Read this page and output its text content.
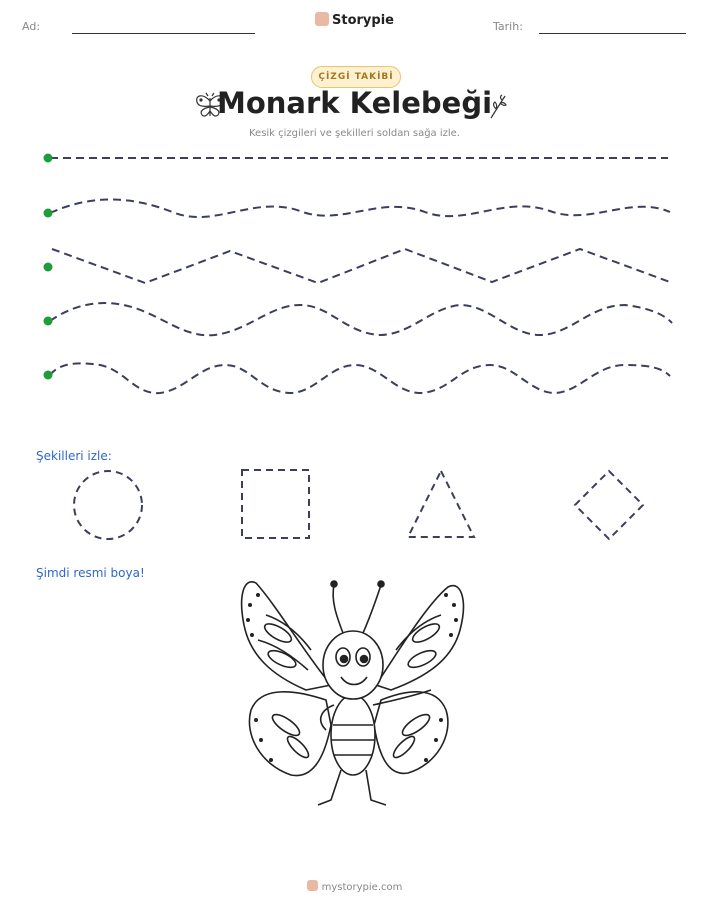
Ad:	Storypie	Tarih:
ÇİZGİ TAKİBİ
Monark Kelebeği
Kesik çizgileri ve şekilleri soldan sağa izle.
Şekilleri izle:
Şimdi resmi boya!
mystorypie.com
